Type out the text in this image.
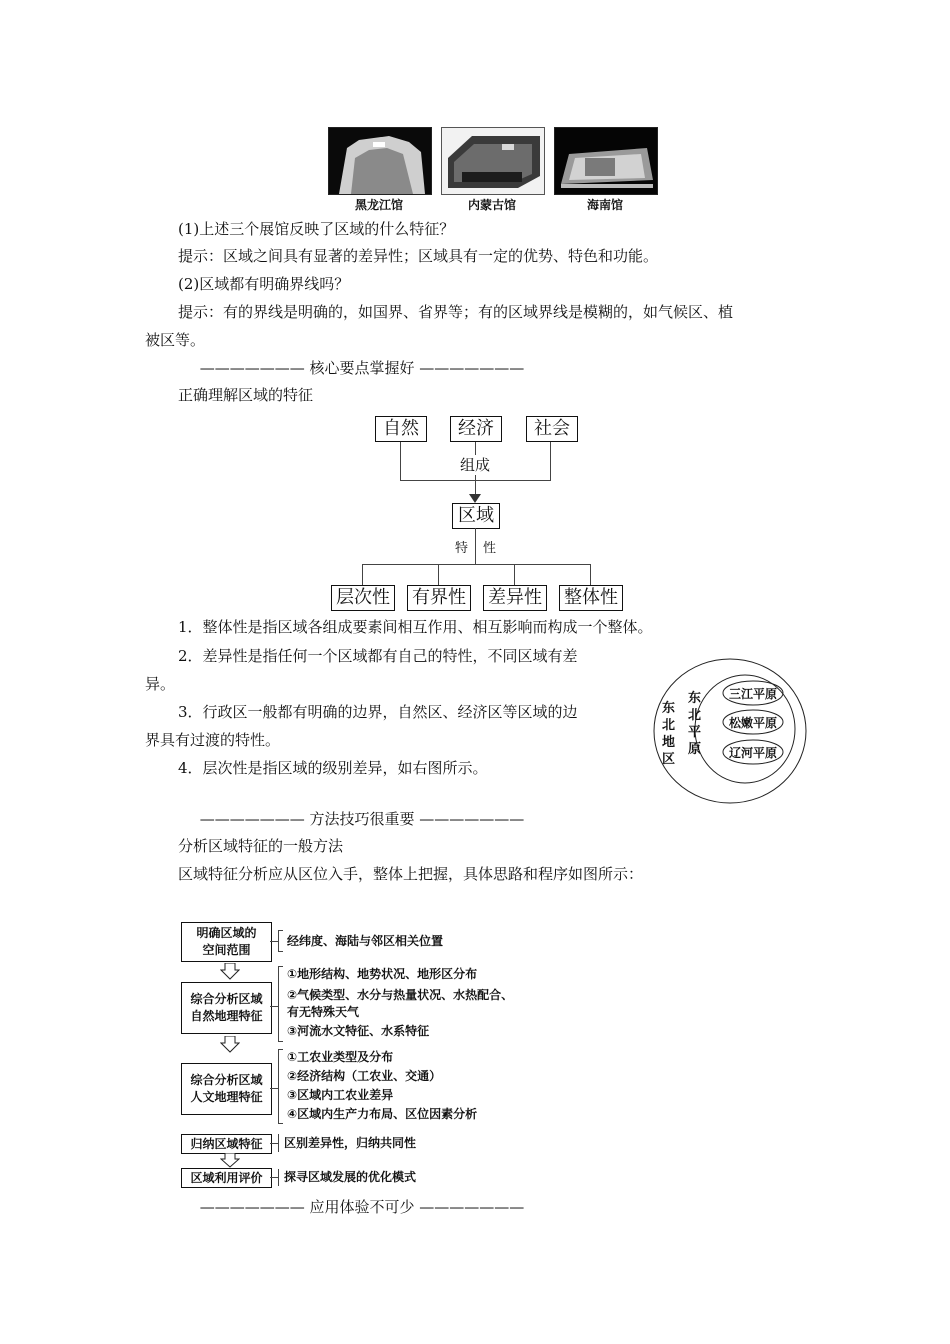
黑龙江馆	内蒙古馆	海南馆
(1)上述三个展馆反映了区域的什么特征？
提示：区域之间具有显著的差异性；区域具有一定的优势、特色和功能。
(2)区域都有明确界线吗？
提示：有的界线是明确的，如国界、省界等；有的区域界线是模糊的，如气候区、植
被区等。
——————— 核心要点掌握好 ———————
正确理解区域的特征
自然	经济	社会
组成
区域
特 性
层次性 有界性 差异性 整体性
1．整体性是指区域各组成要素间相互作用、相互影响而构成一个整体。
2．差异性是指任何一个区域都有自己的特性，不同区域有差
异。
3．行政区一般都有明确的边界，自然区、经济区等区域的边
界具有过渡的特性。
4．层次性是指区域的级别差异，如右图所示。
东
北
地
区
东
北
平
原
三江平原
松嫩平原
辽河平原
——————— 方法技巧很重要 ———————
分析区域特征的一般方法
区域特征分析应从区位入手，整体上把握，具体思路和程序如图所示：
明确区域的
空间范围
综合分析区域
自然地理特征
综合分析区域
人文地理特征
归纳区域特征
区域利用评价
经纬度、海陆与邻区相关位置
①地形结构、地势状况、地形区分布
②气候类型、水分与热量状况、水热配合、
有无特殊天气
③河流水文特征、水系特征
①工农业类型及分布
②经济结构（工农业、交通）
③区域内工农业差异
④区域内生产力布局、区位因素分析
区别差异性，归纳共同性
探寻区域发展的优化模式
——————— 应用体验不可少 ———————
